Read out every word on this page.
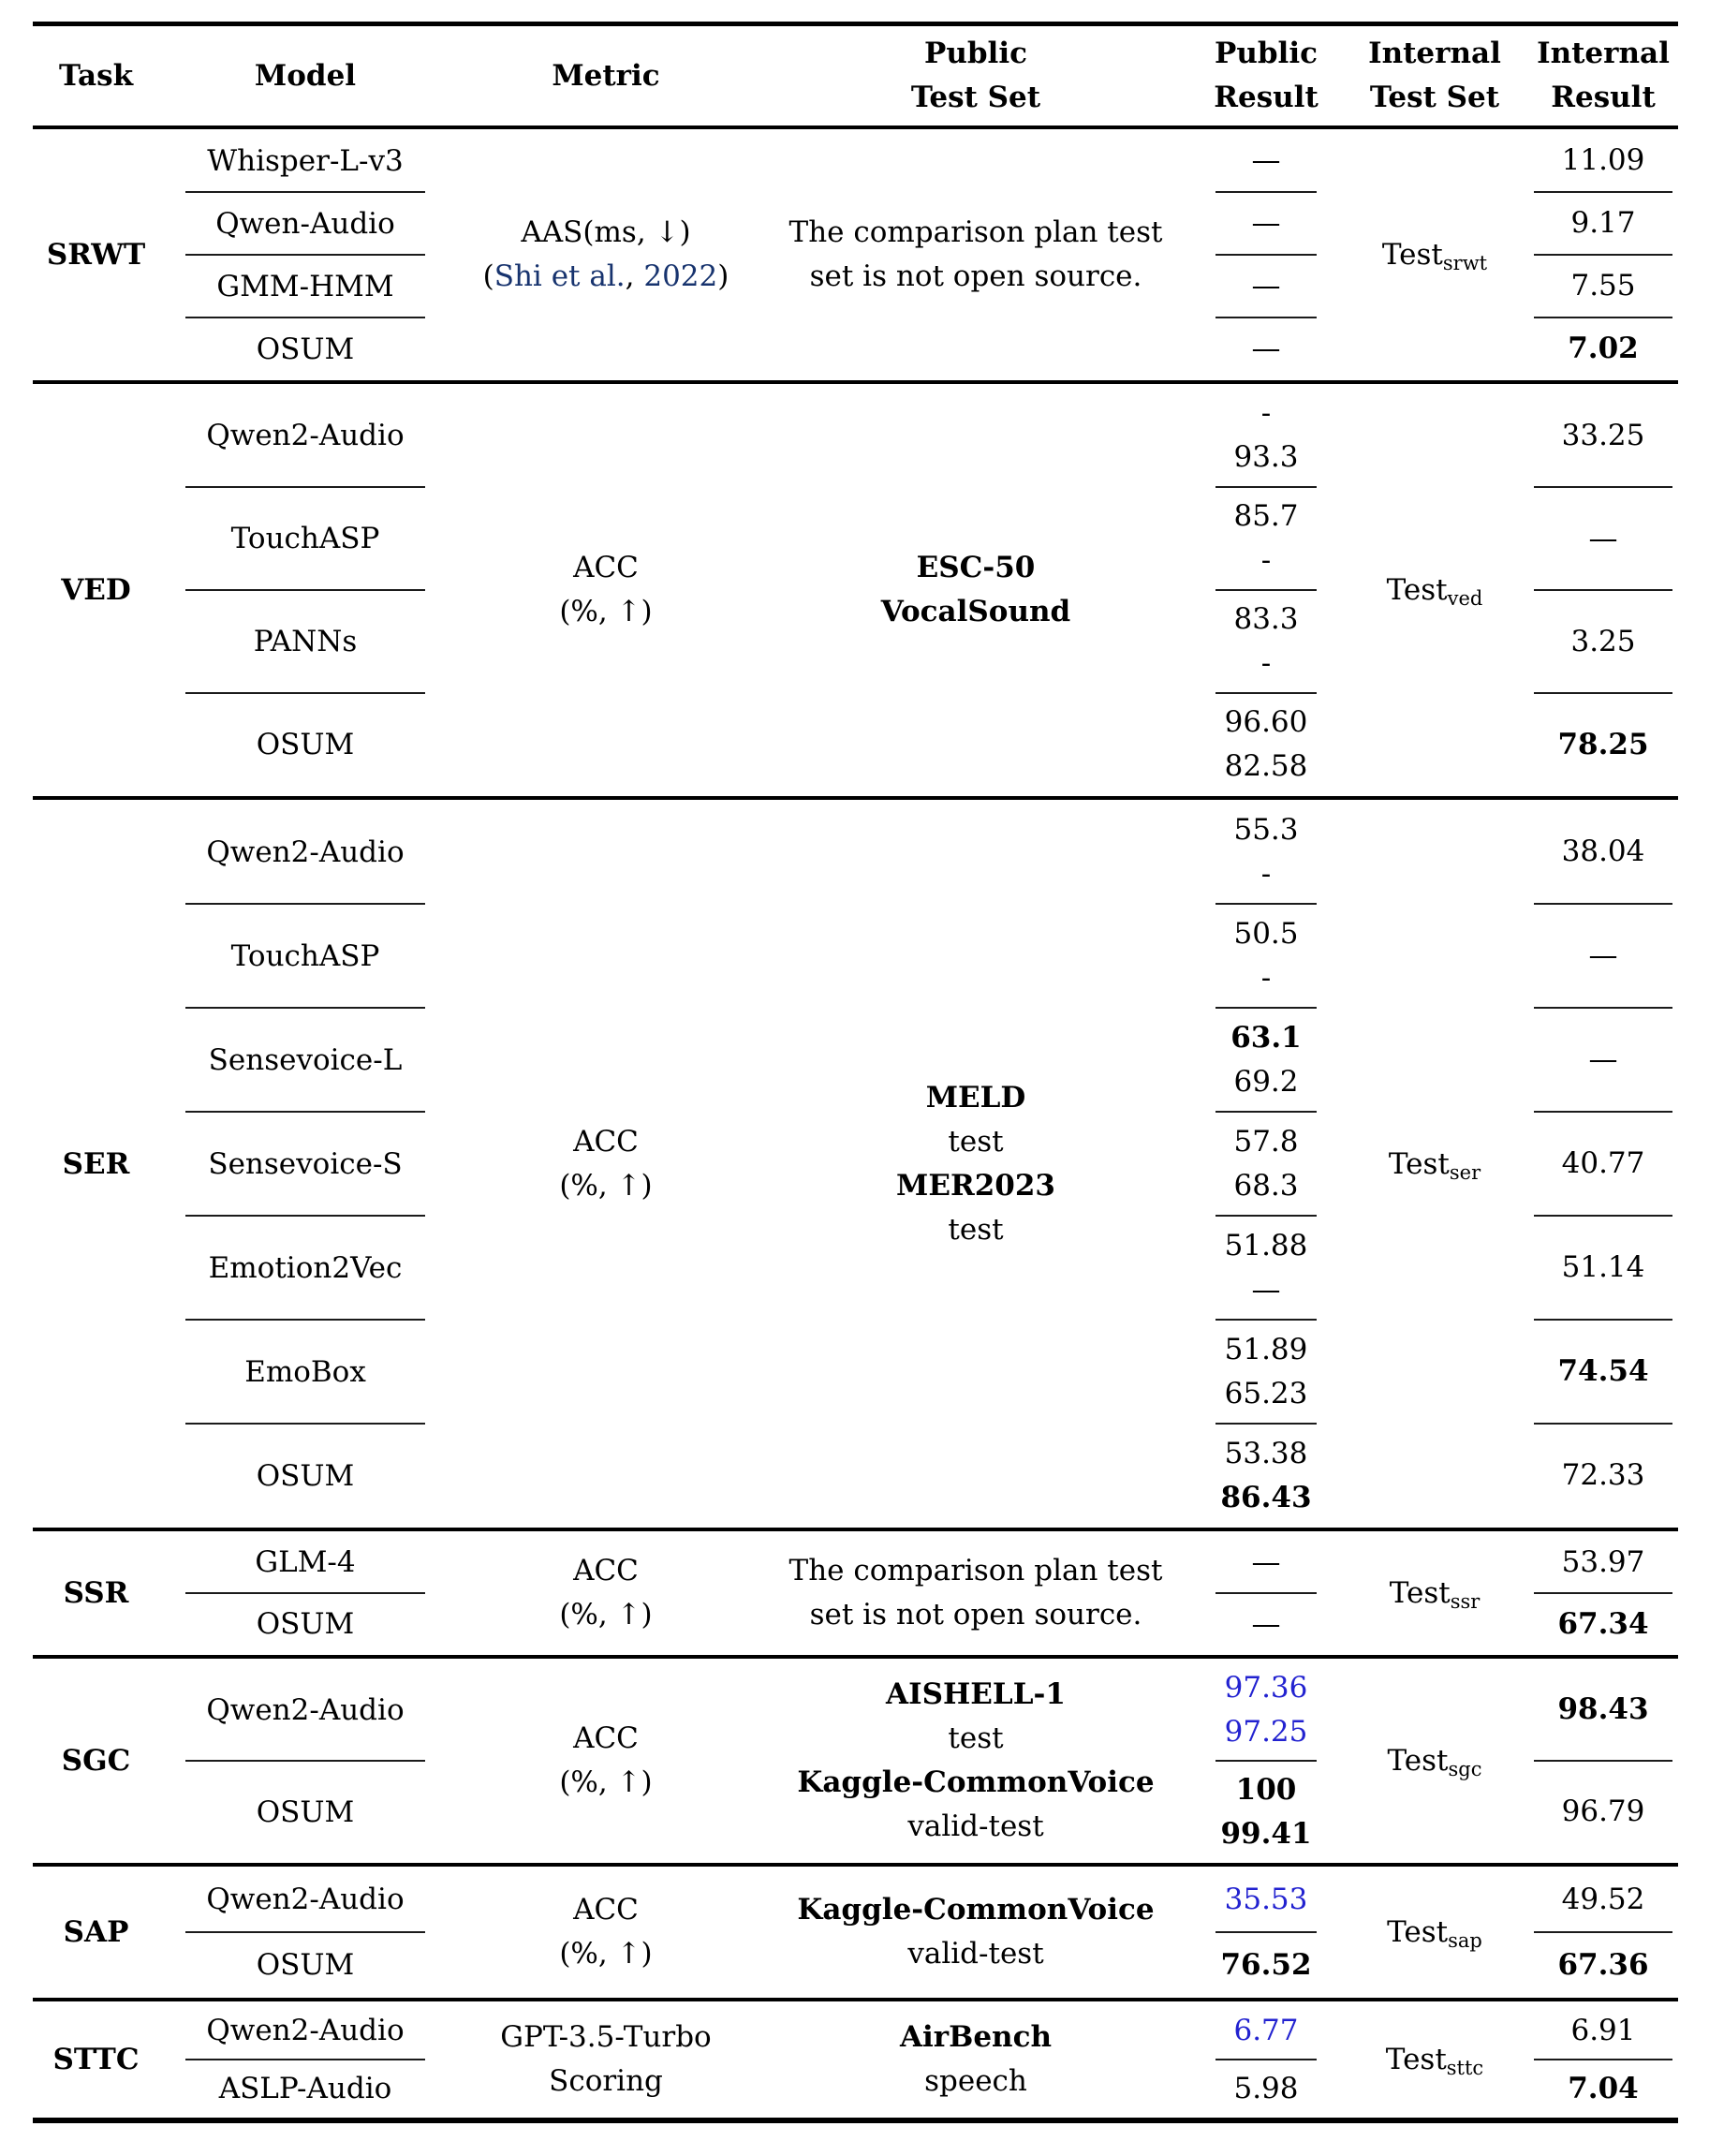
Task	Model	Metric
Public
Test Set
Public
Result
Internal
Test Set
Internal
Result
SRWT
Whisper-L-v3
Qwen-Audio
GMM-HMM
OSUM
AAS(ms, ↓)
(Shi et al., 2022)
The comparison plan test
set is not open source.
—
—
—
—
Test$_{srwt}$
11.09
9.17
7.55
7.02
VED
Qwen2-Audio
TouchASP
PANNs
OSUM
ACC
(%, ↑)
ESC-50
VocalSound
-
93.3
85.7
-
83.3
-
96.60
82.58
Test$_{ved}$
33.25
—
3.25
78.25
SER
Qwen2-Audio
TouchASP
Sensevoice-L
Sensevoice-S
Emotion2Vec
EmoBox
OSUM
ACC
(%, ↑)
MELD
test
MER2023
test
55.3
-
50.5
-
63.1
69.2
57.8
68.3
51.88
—
51.89
65.23
53.38
86.43
Test$_{ser}$
38.04
—
—
40.77
51.14
74.54
72.33
SSR
GLM-4
OSUM
ACC
(%, ↑)
The comparison plan test
set is not open source.
—
—
Test$_{ssr}$
53.97
67.34
SGC
Qwen2-Audio
OSUM
ACC
(%, ↑)
AISHELL-1
test
Kaggle-CommonVoice
valid-test
97.36
97.25
100
99.41
Test$_{sgc}$
98.43
96.79
SAP
Qwen2-Audio
OSUM
ACC
(%, ↑)
Kaggle-CommonVoice
valid-test
35.53
76.52
Test$_{sap}$
49.52
67.36
STTC
Qwen2-Audio
ASLP-Audio
GPT-3.5-Turbo
Scoring
AirBench
speech
6.77
5.98
Test$_{sttc}$
6.91
7.04
